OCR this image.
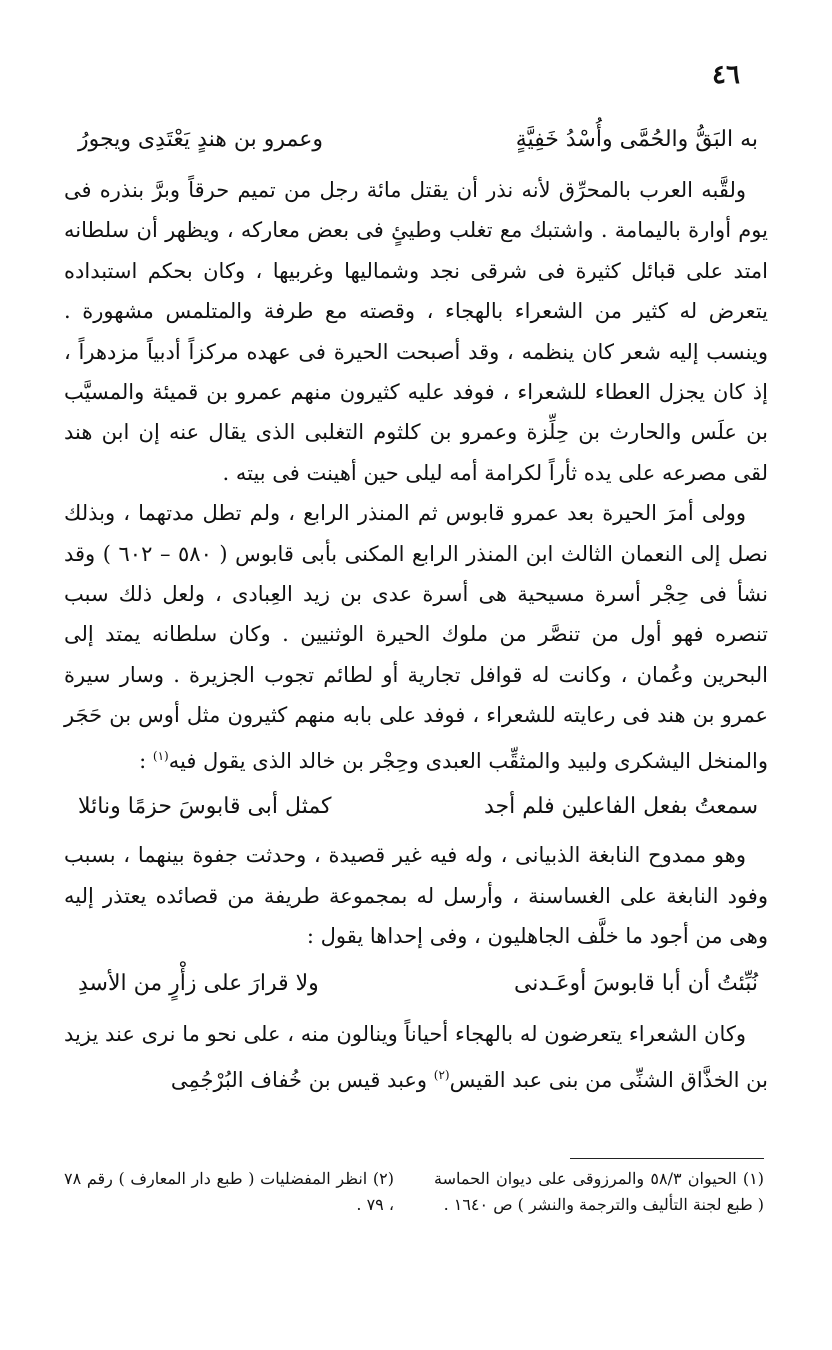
٤٦
به البَقُّ والحُمَّى وأُسْدُ خَفِيَّةٍ
وعمرو بن هندٍ يَعْتَدِى ويجورُ

ولقَّبه العرب بالمحرِّق لأنه نذر أن يقتل مائة رجل من تميم حرقاً وبرَّ بنذره فى يوم أوارة باليمامة . واشتبك مع تغلب وطيئٍ فى بعض معاركه ، ويظهر أن سلطانه امتد على قبائل كثيرة فى شرقى نجد وشماليها وغربيها ، وكان بحكم استبداده يتعرض له كثير من الشعراء بالهجاء ، وقصته مع طرفة والمتلمس مشهورة . وينسب إليه شعر كان ينظمه ، وقد أصبحت الحيرة فى عهده مركزاً أدبياً مزدهراً ، إذ كان يجزل العطاء للشعراء ، فوفد عليه كثيرون منهم عمرو بن قميئة والمسيَّب بن علَس والحارث بن حِلِّزة وعمرو بن كلثوم التغلبى الذى يقال عنه إن ابن هند لقى مصرعه على يده ثأراً لكرامة أمه ليلى حين أهينت فى بيته .

وولى أمرَ الحيرة بعد عمرو قابوس ثم المنذر الرابع ، ولم تطل مدتهما ، وبذلك نصل إلى النعمان الثالث ابن المنذر الرابع المكنى بأبى قابوس ( ٥٨٠ – ٦٠٢ ) وقد نشأ فى حِجْر أسرة مسيحية هى أسرة عدى بن زيد العِبادى ، ولعل ذلك سبب تنصره فهو أول من تنصَّر من ملوك الحيرة الوثنيين . وكان سلطانه يمتد إلى البحرين وعُمان ، وكانت له قوافل تجارية أو لطائم تجوب الجزيرة . وسار سيرة عمرو بن هند فى رعايته للشعراء ، فوفد على بابه منهم كثيرون مثل أوس بن حَجَر والمنخل اليشكرى ولبيد والمثقِّب العبدى وحِجْر بن خالد الذى يقول فيه$^{(١)}$ :

سمعتُ بفعل الفاعلين فلم أجد
كمثل أبى قابوسَ حزمًا ونائلا

وهو ممدوح النابغة الذبيانى ، وله فيه غير قصيدة ، وحدثت جفوة بينهما ، بسبب وفود النابغة على الغساسنة ، وأرسل له بمجموعة طريفة من قصائده يعتذر إليه وهى من أجود ما خلَّف الجاهليون ، وفى إحداها يقول :

نُبِّئتُ أن أبا قابوسَ أوعَـدنى
ولا قرارَ على زأْرٍ من الأسدِ

وكان الشعراء يتعرضون له بالهجاء أحياناً وينالون منه ، على نحو ما نرى عند يزيد بن الخذَّاق الشنِّى من بنى عبد القيس$^{(٢)}$ وعبد قيس بن خُفاف البُرْجُمِى

(١) الحيوان ٥٨/٣ والمرزوقى على ديوان الحماسة ( طبع لجنة التأليف والترجمة والنشر ) ص ١٦٤٠ .
(٢) انظر المفضليات ( طبع دار المعارف ) رقم ٧٨ ، ٧٩ .
